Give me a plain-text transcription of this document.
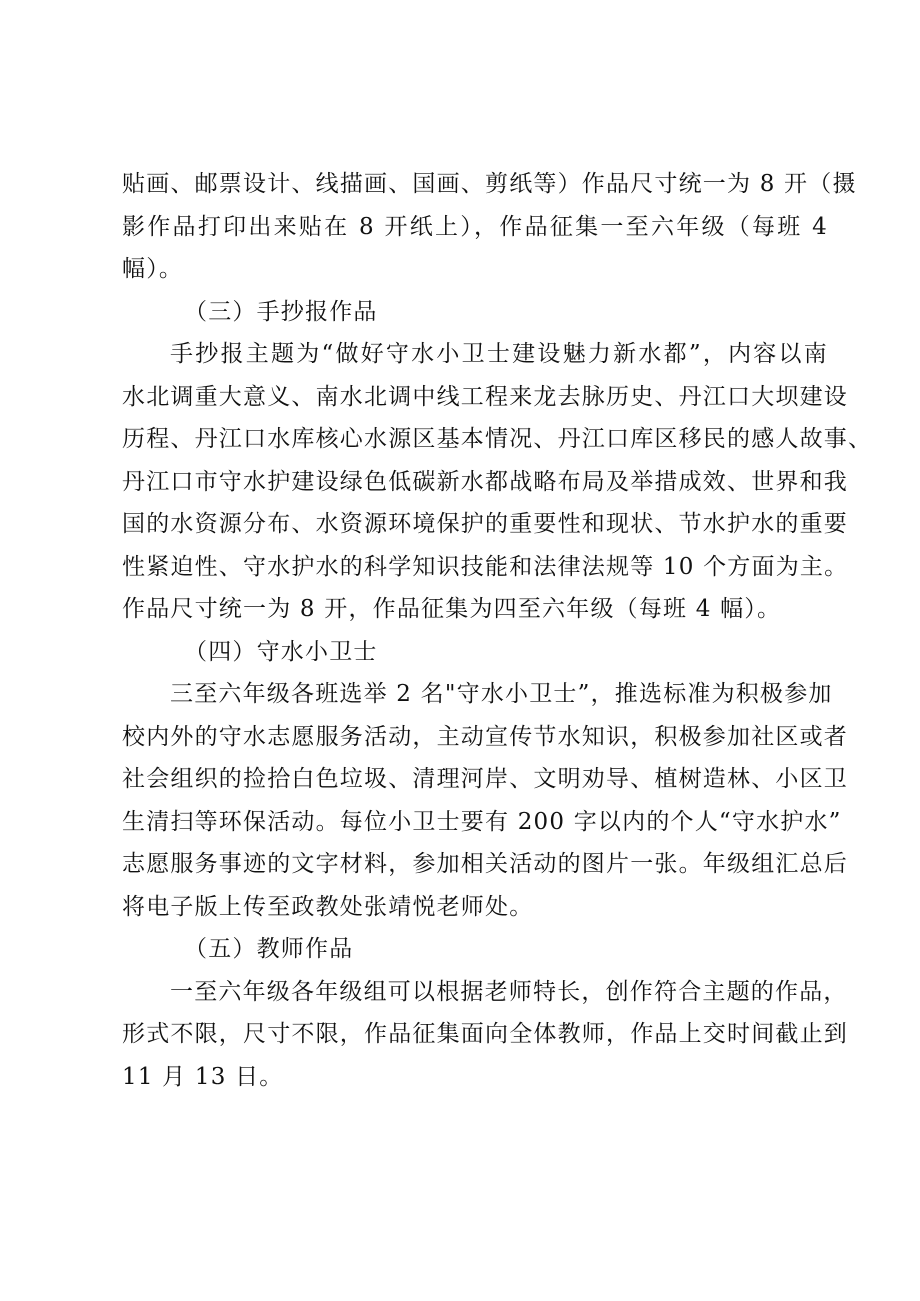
贴画、邮票设计、线描画、国画、剪纸等）作品尺寸统一为 8 开（摄
影作品打印出来贴在 8 开纸上），作品征集一至六年级（每班 4
幅）。
（三）手抄报作品
手抄报主题为“做好守水小卫士建设魅力新水都”，内容以南
水北调重大意义、南水北调中线工程来龙去脉历史、丹江口大坝建设
历程、丹江口水库核心水源区基本情况、丹江口库区移民的感人故事、
丹江口市守水护建设绿色低碳新水都战略布局及举措成效、世界和我
国的水资源分布、水资源环境保护的重要性和现状、节水护水的重要
性紧迫性、守水护水的科学知识技能和法律法规等 10 个方面为主。
作品尺寸统一为 8 开，作品征集为四至六年级（每班 4 幅）。
（四）守水小卫士
三至六年级各班选举 2 名"守水小卫士”，推选标准为积极参加
校内外的守水志愿服务活动，主动宣传节水知识，积极参加社区或者
社会组织的捡拾白色垃圾、清理河岸、文明劝导、植树造林、小区卫
生清扫等环保活动。每位小卫士要有 200 字以内的个人“守水护水”
志愿服务事迹的文字材料，参加相关活动的图片一张。年级组汇总后
将电子版上传至政教处张靖悦老师处。
（五）教师作品
一至六年级各年级组可以根据老师特长，创作符合主题的作品，
形式不限，尺寸不限，作品征集面向全体教师，作品上交时间截止到
11 月 13 日。
